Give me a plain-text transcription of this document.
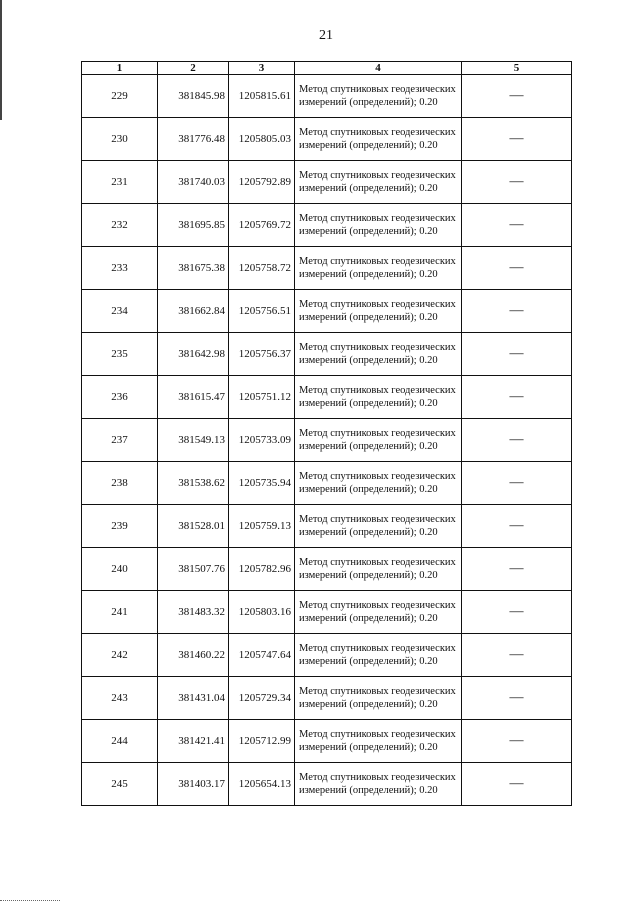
21
1	2	3	4	5
229	381845.98	1205815.61	Метод спутниковых геодезических измерений (определений); 0.20	—
230	381776.48	1205805.03	Метод спутниковых геодезических измерений (определений); 0.20	—
231	381740.03	1205792.89	Метод спутниковых геодезических измерений (определений); 0.20	—
232	381695.85	1205769.72	Метод спутниковых геодезических измерений (определений); 0.20	—
233	381675.38	1205758.72	Метод спутниковых геодезических измерений (определений); 0.20	—
234	381662.84	1205756.51	Метод спутниковых геодезических измерений (определений); 0.20	—
235	381642.98	1205756.37	Метод спутниковых геодезических измерений (определений); 0.20	—
236	381615.47	1205751.12	Метод спутниковых геодезических измерений (определений); 0.20	—
237	381549.13	1205733.09	Метод спутниковых геодезических измерений (определений); 0.20	—
238	381538.62	1205735.94	Метод спутниковых геодезических измерений (определений); 0.20	—
239	381528.01	1205759.13	Метод спутниковых геодезических измерений (определений); 0.20	—
240	381507.76	1205782.96	Метод спутниковых геодезических измерений (определений); 0.20	—
241	381483.32	1205803.16	Метод спутниковых геодезических измерений (определений); 0.20	—
242	381460.22	1205747.64	Метод спутниковых геодезических измерений (определений); 0.20	—
243	381431.04	1205729.34	Метод спутниковых геодезических измерений (определений); 0.20	—
244	381421.41	1205712.99	Метод спутниковых геодезических измерений (определений); 0.20	—
245	381403.17	1205654.13	Метод спутниковых геодезических измерений (определений); 0.20	—
